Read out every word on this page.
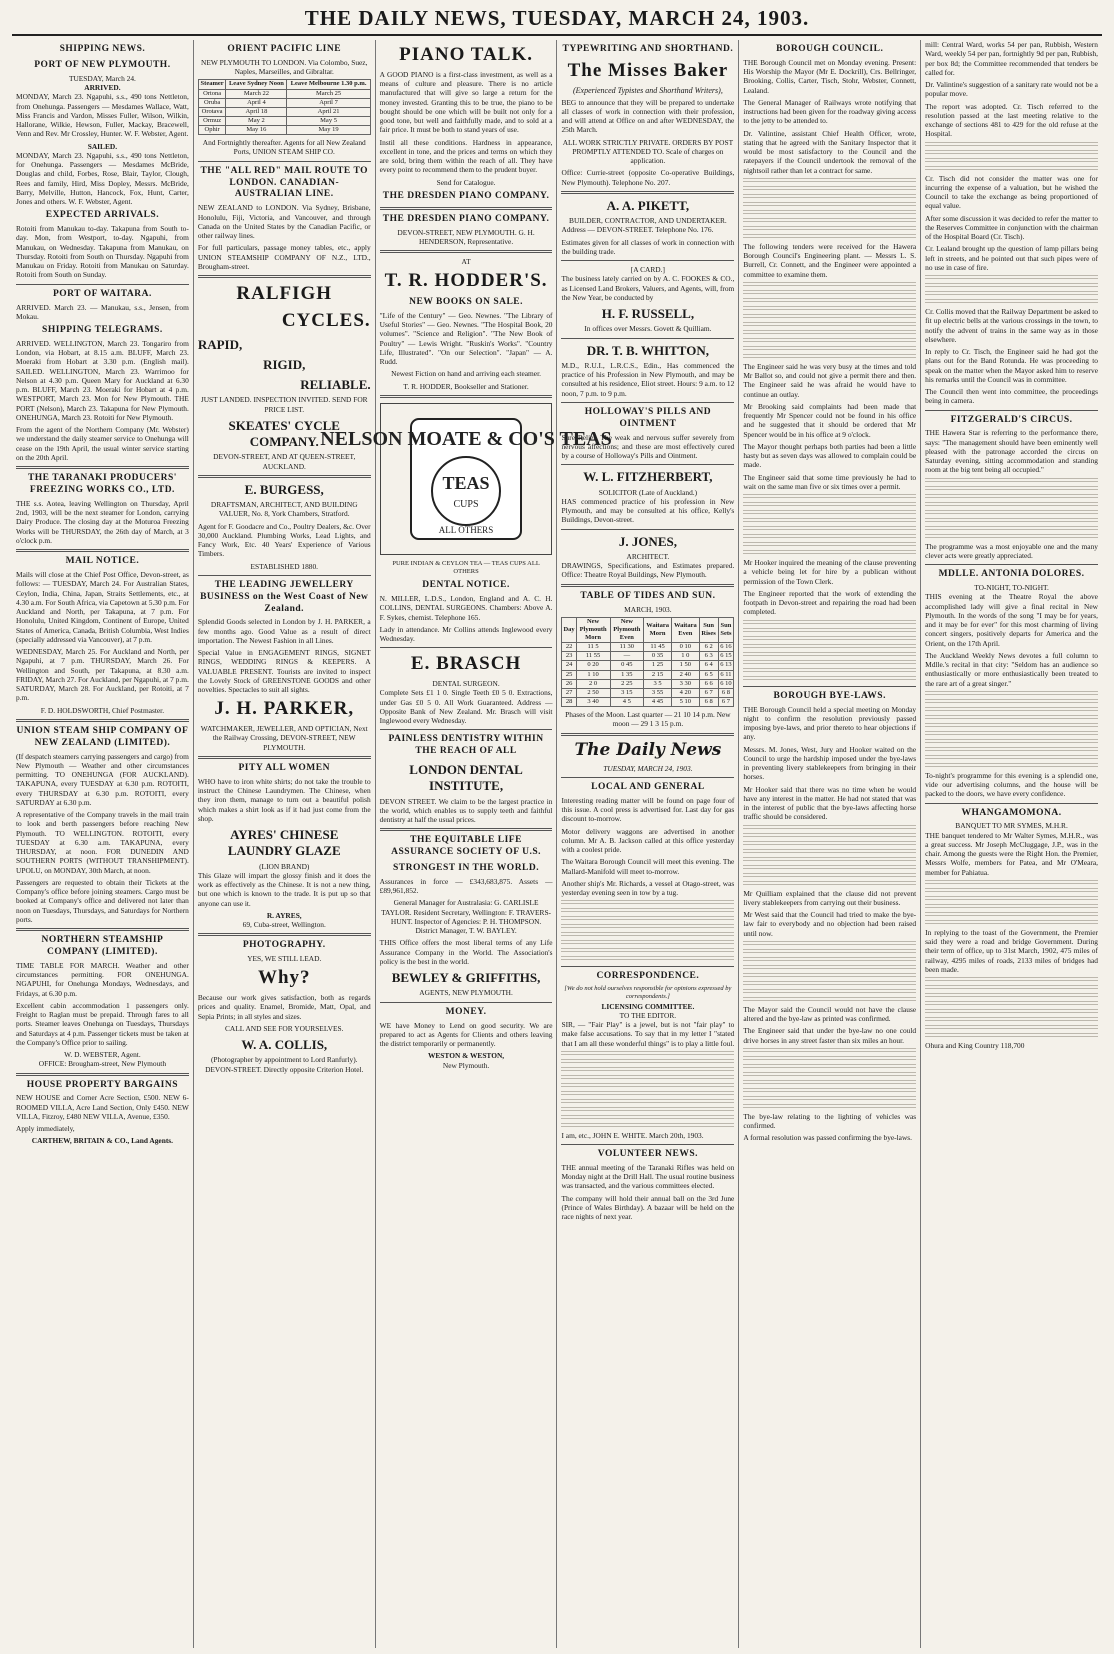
THE DAILY NEWS, TUESDAY, MARCH 24, 1903.
SHIPPING NEWS.
PORT OF NEW PLYMOUTH.
TUESDAY, March 24.
ARRIVED.

MONDAY, March 23. Ngapuhi, s.s., 490 tons Nettleton, from Onehunga. Passengers — Mesdames Wallace, Watt, Miss Francis and Vardon, Misses Fuller, Wilson, Wilkin, Hallorane, Wilkie, Hewson, Fuller, Mackay, Bracewell, Venn and Rev. Mr Crossley, Hunter. W. F. Webster, Agent.

SAILED.

MONDAY, March 23. Ngapuhi, s.s., 490 tons Nettleton, for Onehunga. Passengers — Mesdames McBride, Douglas and child, Forbes, Rose, Blair, Taylor, Clough, Rees and family, Hird, Miss Dopley, Messrs. McBride, Barry, Melville, Hutton, Hancock, Fox, Hunt, Carter, Jones and others. W. F. Webster, Agent.

EXPECTED ARRIVALS.

Rotoiti from Manukau to-day. Takapuna from South to-day. Mon, from Westport, to-day. Ngapuhi, from Manukau, on Wednesday. Takapuna from Manukau, on Thursday. Rotoiti from South on Thursday. Ngapuhi from Manukau on Friday. Rotoiti from Manukau on Saturday. Rotoiti from South on Sunday.

PORT OF WAITARA.

ARRIVED. March 23. — Manukau, s.s., Jensen, from Mokau.

SHIPPING TELEGRAMS.

ARRIVED. WELLINGTON, March 23. Tongariro from London, via Hobart, at 8.15 a.m. BLUFF, March 23. Moeraki from Hobart at 3.30 p.m. (English mail). SAILED. WELLINGTON, March 23. Warrimoo for Nelson at 4.30 p.m. Queen Mary for Auckland at 6.30 p.m. BLUFF, March 23. Moeraki for Hobart at 4 p.m. WESTPORT, March 23. Mon for New Plymouth. THE PORT (Nelson), March 23. Takapuna for New Plymouth. ONEHUNGA, March 23. Rotoiti for New Plymouth.

From the agent of the Northern Company (Mr. Webster) we understand the daily steamer service to Onehunga will cease on the 19th April, the usual winter service starting on the 20th April.

THE TARANAKI PRODUCERS' FREEZING WORKS CO., LTD.

THE s.s. Aotea, leaving Wellington on Thursday, April 2nd, 1903, will be the next steamer for London, carrying Dairy Produce. The closing day at the Moturoa Freezing Works will be THURSDAY, the 26th day of March, at 3 o'clock p.m.

MAIL NOTICE.

Mails will close at the Chief Post Office, Devon-street, as follows: — TUESDAY, March 24. For Australian States, Ceylon, India, China, Japan, Straits Settlements, etc., at 4.30 a.m. For South Africa, via Capetown at 5.30 p.m. For Auckland and North, per Takapuna, at 7 p.m. For Honolulu, United Kingdom, Continent of Europe, United States of America, Canada, British Columbia, West Indies (specially addressed via Vancouver), at 7 p.m.

WEDNESDAY, March 25. For Auckland and North, per Ngapuhi, at 7 p.m. THURSDAY, March 26. For Wellington and South, per Takapuna, at 8.30 a.m. FRIDAY, March 27. For Auckland, per Ngapuhi, at 7 p.m. SATURDAY, March 28. For Auckland, per Rotoiti, at 7 p.m.

F. D. HOLDSWORTH, Chief Postmaster.
UNION STEAM SHIP COMPANY OF NEW ZEALAND (LIMITED).

(If despatch steamers carrying passengers and cargo) from New Plymouth — Weather and other circumstances permitting. TO ONEHUNGA (FOR AUCKLAND). TAKAPUNA, every TUESDAY at 6.30 p.m. ROTOITI, every THURSDAY at 6.30 p.m. ROTOITI, every SATURDAY at 6.30 p.m.

A representative of the Company travels in the mail train to look and berth passengers before reaching New Plymouth. TO WELLINGTON. ROTOITI, every TUESDAY at 6.30 a.m. TAKAPUNA, every THURSDAY, at noon. FOR DUNEDIN AND SOUTHERN PORTS (WITHOUT TRANSHIPMENT). UPOLU, on MONDAY, 30th March, at noon.

Passengers are requested to obtain their Tickets at the Company's office before joining steamers. Cargo must be booked at Company's office and delivered not later than noon on Tuesdays, Thursdays, and Saturdays for Northern ports.

NORTHERN STEAMSHIP COMPANY (LIMITED).

TIME TABLE FOR MARCH. Weather and other circumstances permitting. FOR ONEHUNGA. NGAPUHI, for Onehunga Mondays, Wednesdays, and Fridays, at 6.30 p.m.

Excellent cabin accommodation 1 passengers only. Freight to Raglan must be prepaid. Through fares to all ports. Steamer leaves Onehunga on Tuesdays, Thursdays and Saturdays at 4 p.m. Passenger tickets must be taken at the Company's Office prior to sailing.

W. D. WEBSTER, Agent.
OFFICE: Brougham-street, New Plymouth
HOUSE PROPERTY BARGAINS

NEW HOUSE and Corner Acre Section, £500. NEW 6-ROOMED VILLA, Acre Land Section, Only £450. NEW VILLA, Fitzroy, £480 NEW VILLA, Avenue, £350.

Apply immediately,

CARTHEW, BRITAIN & CO., Land Agents.
ORIENT PACIFIC LINE

NEW PLYMOUTH TO LONDON. Via Colombo, Suez, Naples, Marseilles, and Gibraltar.

Steamer	Leave Sydney Noon	Leave Melbourne 1.30 p.m.
Ortona	March 22	March 25
Oruba	April 4	April 7
Orotava	April 18	April 21
Ormuz	May 2	May 5
Ophir	May 16	May 19

And Fortnightly thereafter. Agents for all New Zealand Ports, UNION STEAM SHIP CO.

THE "ALL RED" MAIL ROUTE TO LONDON. CANADIAN-AUSTRALIAN LINE.

NEW ZEALAND to LONDON. Via Sydney, Brisbane, Honolulu, Fiji, Victoria, and Vancouver, and through Canada on the United States by the Canadian Pacific, or other railway lines.

For full particulars, passage money tables, etc., apply UNION STEAMSHIP COMPANY OF N.Z., LTD., Brougham-street.

RALFIGH
CYCLES.
RAPID,
RIGID,
RELIABLE.

JUST LANDED. INSPECTION INVITED. SEND FOR PRICE LIST.

SKEATES' CYCLE COMPANY.

DEVON-STREET, AND AT QUEEN-STREET, AUCKLAND.

E. BURGESS,

DRAFTSMAN, ARCHITECT, AND BUILDING VALUER, No. 8, York Chambers, Stratford.

Agent for F. Goodacre and Co., Poultry Dealers, &c. Over 30,000 Auckland. Plumbing Works, Lead Lights, and Fancy Work, Etc. 40 Years' Experience of Various Timbers.

ESTABLISHED 1880.
THE LEADING JEWELLERY BUSINESS on the West Coast of New Zealand.

Splendid Goods selected in London by J. H. PARKER, a few months ago. Good Value as a result of direct importation. The Newest Fashion in all Lines.

Special Value in ENGAGEMENT RINGS, SIGNET RINGS, WEDDING RINGS & KEEPERS. A VALUABLE PRESENT. Tourists are invited to inspect the Lovely Stock of GREENSTONE GOODS and other novelties. Spectacles to suit all sights.

J. H. PARKER,

WATCHMAKER, JEWELLER, AND OPTICIAN, Next the Railway Crossing, DEVON-STREET, NEW PLYMOUTH.

PITY ALL WOMEN

WHO have to iron white shirts; do not take the trouble to instruct the Chinese Laundrymen. The Chinese, when they iron them, manage to turn out a beautiful polish which makes a shirt look as if it had just come from the shop.

AYRES' CHINESE LAUNDRY GLAZE
(LION BRAND)

This Glaze will impart the glossy finish and it does the work as effectively as the Chinese. It is not a new thing, but one which is known to the trade. It is put up so that anyone can use it.

R. AYRES,
69, Cuba-street, Wellington.
PHOTOGRAPHY.
YES, WE STILL LEAD.
Why?

Because our work gives satisfaction, both as regards prices and quality. Enamel, Bromide, Matt, Opal, and Sepia Prints; in all styles and sizes.

CALL AND SEE FOR YOURSELVES.
W. A. COLLIS,

(Photographer by appointment to Lord Ranfurly). DEVON-STREET. Directly opposite Criterion Hotel.

PIANO TALK.

A GOOD PIANO is a first-class investment, as well as a means of culture and pleasure. There is no article manufactured that will give so large a return for the money invested. Granting this to be true, the piano to be bought should be one which will be built not only for a good tone, but well and faithfully made, and to sold at a fair price. It must be both to stand years of use.

Instil all these conditions. Hardness in appearance, excellent in tone, and the prices and terms on which they are sold, bring them within the reach of all. They have every point to recommend them to the prudent buyer.

Send for Catalogue.
THE DRESDEN PIANO COMPANY.
THE DRESDEN PIANO COMPANY.

DEVON-STREET, NEW PLYMOUTH. G. H. HENDERSON, Representative.

AT
T. R. HODDER'S.
NEW BOOKS ON SALE.

"Life of the Century" — Geo. Newnes. "The Library of Useful Stories" — Geo. Newnes. "The Hospital Book, 20 volumes". "Science and Religion". "The New Book of Poultry" — Lewis Wright. "Ruskin's Works". "Country Life, Illustrated". "On our Selection". "Japan" — A. Rudd.

Newest Fiction on hand and arriving each steamer.

T. R. HODDER, Bookseller and Stationer.

NELSON MOATE & CO'S TEAS
TEAS
CUPS
ALL OTHERS
PURE INDIAN & CEYLON TEA — TEAS CUPS ALL OTHERS
DENTAL NOTICE.

N. MILLER, L.D.S., London, England and A. C. H. COLLINS, DENTAL SURGEONS. Chambers: Above A. F. Sykes, chemist. Telephone 165.

Lady in attendance. Mr Collins attends Inglewood every Wednesday.

E. BRASCH
DENTAL SURGEON.

Complete Sets £1 1 0. Single Teeth £0 5 0. Extractions, under Gas £0 5 0. All Work Guaranteed. Address — Opposite Bank of New Zealand. Mr. Brasch will visit Inglewood every Wednesday.

PAINLESS DENTISTRY WITHIN THE REACH OF ALL
LONDON DENTAL INSTITUTE,

DEVON STREET. We claim to be the largest practice in the world, which enables us to supply teeth and faithful dentistry at half the usual prices.

THE EQUITABLE LIFE ASSURANCE SOCIETY OF U.S.
STRONGEST IN THE WORLD.

Assurances in force — £343,683,875. Assets — £89,961,852.

General Manager for Australasia: G. CARLISLE TAYLOR. Resident Secretary, Wellington: F. TRAVERS-HUNT. Inspector of Agencies: P. H. THOMPSON. District Manager, T. W. BAYLEY.

THIS Office offers the most liberal terms of any Life Assurance Company in the World. The Association's policy is the best in the world.

BEWLEY & GRIFFITHS,
AGENTS, NEW PLYMOUTH.
MONEY.

WE have Money to Lend on good security. We are prepared to act as Agents for Clients and others leaving the district temporarily or permanently.

WESTON & WESTON,
New Plymouth.
TYPEWRITING AND SHORTHAND.
The Misses Baker
(Experienced Typistes and Shorthand Writers),

BEG to announce that they will be prepared to undertake all classes of work in connection with their profession, and will attend at Office on and after WEDNESDAY, the 25th March.

ALL WORK STRICTLY PRIVATE. ORDERS BY POST PROMPTLY ATTENDED TO. Scale of charges on application.

Office: Currie-street (opposite Co-operative Buildings, New Plymouth). Telephone No. 207.

A. A. PIKETT,
BUILDER, CONTRACTOR, AND UNDERTAKER.

Address — DEVON-STREET. Telephone No. 176.

Estimates given for all classes of work in connection with the building trade.

[A CARD.]

The business lately carried on by A. C. FOOKES & CO., as Licensed Land Brokers, Valuers, and Agents, will, from the New Year, be conducted by

H. F. RUSSELL,
In offices over Messrs. Govett & Quilliam.
DR. T. B. WHITTON,

M.D., R.U.I., L.R.C.S., Edin., Has commenced the practice of his Profession in New Plymouth, and may be consulted at his residence, Eliot street. Hours: 9 a.m. to 12 noon, 7 p.m. to 9 p.m.

HOLLOWAY'S PILLS AND OINTMENT

Sure Relief. The weak and nervous suffer severely from nervous affections; and these are most effectively cured by a course of Holloway's Pills and Ointment.

W. L. FITZHERBERT,
SOLICITOR (Late of Auckland.)

HAS commenced practice of his profession in New Plymouth, and may be consulted at his office, Kelly's Buildings, Devon-street.

J. JONES,
ARCHITECT.

DRAWINGS, Specifications, and Estimates prepared. Office: Theatre Royal Buildings, New Plymouth.

TABLE OF TIDES AND SUN.
MARCH, 1903.
Day	New Plymouth Morn	New Plymouth Even	Waitara Morn	Waitara Even	Sun Rises	Sun Sets
22	11 5	11 30	11 45	0 10	6 2	6 16
23	11 55	—	0 35	1 0	6 3	6 15
24	0 20	0 45	1 25	1 50	6 4	6 13
25	1 10	1 35	2 15	2 40	6 5	6 11
26	2 0	2 25	3 5	3 30	6 6	6 10
27	2 50	3 15	3 55	4 20	6 7	6 8
28	3 40	4 5	4 45	5 10	6 8	6 7

Phases of the Moon. Last quarter — 21 10 14 p.m. New moon — 29 1 3 15 p.m.

The Daily News
TUESDAY, MARCH 24, 1903.
LOCAL AND GENERAL

Interesting reading matter will be found on page four of this issue. A cool press is advertised for. Last day for gas discount to-morrow.

Motor delivery waggons are advertised in another column. Mr A. B. Jackson called at this office yesterday with a coolest pride.

The Waitara Borough Council will meet this evening. The Mallard-Manifold will meet to-morrow.

Another ship's Mr. Richards, a vessel at Otago-street, was yesterday evening seen in tow by a tug.

CORRESPONDENCE.
[We do not hold ourselves responsible for opinions expressed by correspondents.]
LICENSING COMMITTEE.
TO THE EDITOR.

SIR, — "Fair Play" is a jewel, but is not "fair play" to make false accusations. To say that in my letter I "stated that I am all these wonderful things" is to play a little foul.

I am, etc., JOHN E. WHITE. March 20th, 1903.

VOLUNTEER NEWS.

THE annual meeting of the Taranaki Rifles was held on Monday night at the Drill Hall. The usual routine business was transacted, and the various committees elected.

The company will hold their annual ball on the 3rd June (Prince of Wales Birthday). A bazaar will be held on the race nights of next year.

BOROUGH COUNCIL.

THE Borough Council met on Monday evening. Present: His Worship the Mayor (Mr E. Dockrill), Crs. Bellringer, Brooking, Collis, Carter, Tisch, Stohr, Webster, Connett, Lealand.

The General Manager of Railways wrote notifying that instructions had been given for the roadway giving access to the jetty to be attended to.

Dr. Valintine, assistant Chief Health Officer, wrote, stating that he agreed with the Sanitary Inspector that it would be most satisfactory to the Council and the ratepayers if the Council undertook the removal of the nightsoil rather than let a contract for same.

The following tenders were received for the Hawera Borough Council's Engineering plant. — Messrs L. S. Burrell, Cr. Connett, and the Engineer were appointed a committee to examine them.

The Engineer said he was very busy at the times and told Mr Ballot so, and could not give a permit there and then. The Engineer said he was afraid he would have to continue an outlay.

Mr Brooking said complaints had been made that frequently Mr Spencer could not be found in his office and he suggested that it should be ordered that Mr Spencer would be in his office at 9 o'clock.

The Mayor thought perhaps both parties had been a little hasty but as seven days was allowed to complain could be made.

The Engineer said that some time previously he had to wait on the same man five or six times over a permit.

Mr Hooker inquired the meaning of the clause preventing a vehicle being let for hire by a publican without permission of the Town Clerk.

The Engineer reported that the work of extending the footpath in Devon-street and repairing the road had been completed.

BOROUGH BYE-LAWS.

THE Borough Council held a special meeting on Monday night to confirm the resolution previously passed imposing bye-laws, and prior thereto to hear objections if any.

Messrs. M. Jones, West, Jury and Hooker waited on the Council to urge the hardship imposed under the bye-laws in preventing livery stablekeepers from bringing in their horses.

Mr Hooker said that there was no time when he would have any interest in the matter. He had not stated that was in the interest of public that the bye-laws affecting horse traffic should be considered.

Mr Quilliam explained that the clause did not prevent livery stablekeepers from carrying out their business.

Mr West said that the Council had tried to make the bye-law fair to everybody and no objection had been raised until now.

The Mayor said the Council would not have the clause altered and the bye-law as printed was confirmed.

The Engineer said that under the bye-law no one could drive horses in any street faster than six miles an hour.

The bye-law relating to the lighting of vehicles was confirmed.

A formal resolution was passed confirming the bye-laws.

mill: Central Ward, works 54 per pan, Rubbish, Western Ward, weekly 54 per pan, fortnightly 9d per pan, Rubbish, per box 8d; the Committee recommended that tenders be called for.

Dr. Valintine's suggestion of a sanitary rate would not be a popular move.

The report was adopted. Cr. Tisch referred to the resolution passed at the last meeting relative to the exchange of sections 481 to 429 for the old refuse at the Hospital.

Cr. Tisch did not consider the matter was one for incurring the expense of a valuation, but he wished the Council to take the exchange as being proportioned of equal value.

After some discussion it was decided to refer the matter to the Reserves Committee in conjunction with the chairman of the Hospital Board (Cr. Tisch).

Cr. Lealand brought up the question of lamp pillars being left in streets, and he pointed out that such pipes were of no use in case of fire.

Cr. Collis moved that the Railway Department be asked to fit up electric bells at the various crossings in the town, to notify the advent of trains in the same way as in those elsewhere.

In reply to Cr. Tisch, the Engineer said he had got the plans out for the Band Rotunda. He was proceeding to speak on the matter when the Mayor asked him to reserve his remarks until the Council was in committee.

The Council then went into committee, the proceedings being in camera.

FITZGERALD'S CIRCUS.

THE Hawera Star is referring to the performance there, says: "The management should have been eminently well pleased with the patronage accorded the circus on Saturday evening, sitting accommodation and standing room at the big tent being all occupied."

The programme was a most enjoyable one and the many clever acts were greatly appreciated.

MDLLE. ANTONIA DOLORES.
TO-NIGHT, TO-NIGHT.

THIS evening at the Theatre Royal the above accomplished lady will give a final recital in New Plymouth. In the words of the song "I may be for years, and it may be for ever" for this most charming of living concert singers, positively departs for America and the Orient, on the 17th April.

The Auckland Weekly News devotes a full column to Mdlle.'s recital in that city: "Seldom has an audience so enthusiastically or more enthusiastically been treated to the rare art of a great singer."

To-night's programme for this evening is a splendid one, vide our advertising columns, and the house will be packed to the doors, we have every confidence.

WHANGAMOMONA.
BANQUET TO MR SYMES, M.H.R.

THE banquet tendered to Mr Walter Symes, M.H.R., was a great success. Mr Joseph McCluggage, J.P., was in the chair. Among the guests were the Right Hon. the Premier, Messrs Wolfe, members for Patea, and Mr O'Meara, member for Pahiatua.

In replying to the toast of the Government, the Premier said they were a road and bridge Government. During their term of office, up to 31st March, 1902, 475 miles of railway, 4295 miles of roads, 2133 miles of bridges had been made.

Ohura and King Country 118,700
